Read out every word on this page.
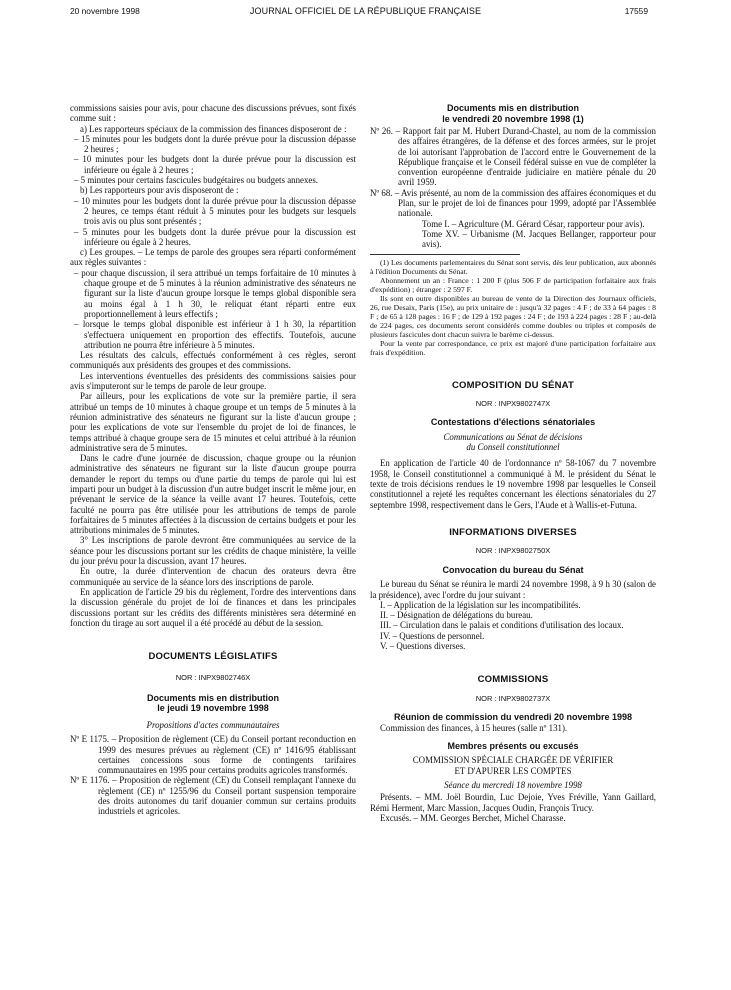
20 novembre 1998	JOURNAL OFFICIEL DE LA RÉPUBLIQUE FRANÇAISE	17559

commissions saisies pour avis, pour chacune des discussions prévues, sont fixés comme suit :

a) Les rapporteurs spéciaux de la commission des finances disposeront de :

– 15 minutes pour les budgets dont la durée prévue pour la discussion dépasse 2 heures ;

– 10 minutes pour les budgets dont la durée prévue pour la discussion est inférieure ou égale à 2 heures ;

– 5 minutes pour certains fascicules budgétaires ou budgets annexes.

b) Les rapporteurs pour avis disposeront de :

– 10 minutes pour les budgets dont la durée prévue pour la discussion dépasse 2 heures, ce temps étant réduit à 5 minutes pour les budgets sur lesquels trois avis ou plus sont présentés ;

– 5 minutes pour les budgets dont la durée prévue pour la discussion est inférieure ou égale à 2 heures.

c) Les groupes. – Le temps de parole des groupes sera réparti conformément aux règles suivantes :

– pour chaque discussion, il sera attribué un temps forfaitaire de 10 minutes à chaque groupe et de 5 minutes à la réunion administrative des sénateurs ne figurant sur la liste d'aucun groupe lorsque le temps global disponible sera au moins égal à 1 h 30, le reliquat étant réparti entre eux proportionnellement à leurs effectifs ;

– lorsque le temps global disponible est inférieur à 1 h 30, la répartition s'effectuera uniquement en proportion des effectifs. Toutefois, aucune attribution ne pourra être inférieure à 5 minutes.

Les résultats des calculs, effectués conformément à ces règles, seront communiqués aux présidents des groupes et des commissions.

Les interventions éventuelles des présidents des commissions saisies pour avis s'imputeront sur le temps de parole de leur groupe.

Par ailleurs, pour les explications de vote sur la première partie, il sera attribué un temps de 10 minutes à chaque groupe et un temps de 5 minutes à la réunion administrative des sénateurs ne figurant sur la liste d'aucun groupe ; pour les explications de vote sur l'ensemble du projet de loi de finances, le temps attribué à chaque groupe sera de 15 minutes et celui attribué à la réunion administrative sera de 5 minutes.

Dans le cadre d'une journée de discussion, chaque groupe ou la réunion administrative des sénateurs ne figurant sur la liste d'aucun groupe pourra demander le report du temps ou d'une partie du temps de parole qui lui est imparti pour un budget à la discussion d'un autre budget inscrit le même jour, en prévenant le service de la séance la veille avant 17 heures. Toutefois, cette faculté ne pourra pas être utilisée pour les attributions de temps de parole forfaitaires de 5 minutes affectées à la discussion de certains budgets et pour les attributions minimales de 5 minutes.

3° Les inscriptions de parole devront être communiquées au service de la séance pour les discussions portant sur les crédits de chaque ministère, la veille du jour prévu pour la discussion, avant 17 heures.

En outre, la durée d'intervention de chacun des orateurs devra être communiquée au service de la séance lors des inscriptions de parole.

En application de l'article 29 bis du règlement, l'ordre des interventions dans la discussion générale du projet de loi de finances et dans les principales discussions portant sur les crédits des différents ministères sera déterminé en fonction du tirage au sort auquel il a été procédé au début de la session.

DOCUMENTS LÉGISLATIFS

NOR : INPX9802746X

Documents mis en distribution

le jeudi 19 novembre 1998

Propositions d'actes communautaires

Nº E 1175. – Proposition de règlement (CE) du Conseil portant reconduction en 1999 des mesures prévues au règlement (CE) nº 1416/95 établissant certaines concessions sous forme de contingents tarifaires communautaires en 1995 pour certains produits agricoles transformés.

Nº E 1176. – Proposition de règlement (CE) du Conseil remplaçant l'annexe du règlement (CE) nº 1255/96 du Conseil portant suspension temporaire des droits autonomes du tarif douanier commun sur certains produits industriels et agricoles.

Documents mis en distribution

le vendredi 20 novembre 1998 (1)

Nº 26. – Rapport fait par M. Hubert Durand-Chastel, au nom de la commission des affaires étrangères, de la défense et des forces armées, sur le projet de loi autorisant l'approbation de l'accord entre le Gouvernement de la République française et le Conseil fédéral suisse en vue de compléter la convention européenne d'entraide judiciaire en matière pénale du 20 avril 1959.

Nº 68. – Avis présenté, au nom de la commission des affaires économiques et du Plan, sur le projet de loi de finances pour 1999, adopté par l'Assemblée nationale.

Tome I. – Agriculture (M. Gérard César, rapporteur pour avis).

Tome XV. – Urbanisme (M. Jacques Bellanger, rapporteur pour avis).

(1) Les documents parlementaires du Sénat sont servis, dès leur publication, aux abonnés à l'édition Documents du Sénat.

Abonnement un an : France : 1 200 F (plus 506 F de participation forfaitaire aux frais d'expédition) ; étranger : 2 597 F.

Ils sont en outre disponibles au bureau de vente de la Direction des Journaux officiels, 26, rue Desaix, Paris (15e), au prix unitaire de : jusqu'à 32 pages : 4 F ; de 33 à 64 pages : 8 F ; de 65 à 128 pages : 16 F ; de 129 à 192 pages : 24 F ; de 193 à 224 pages : 28 F ; au-delà de 224 pages, ces documents seront considérés comme doubles ou triples et composés de plusieurs fascicules dont chacun suivra le barème ci-dessus.

Pour la vente par correspondance, ce prix est majoré d'une participation forfaitaire aux frais d'expédition.

COMPOSITION DU SÉNAT

NOR : INPX9802747X

Contestations d'élections sénatoriales

Communications au Sénat de décisions

du Conseil constitutionnel

En application de l'article 40 de l'ordonnance nº 58-1067 du 7 novembre 1958, le Conseil constitutionnel a communiqué à M. le président du Sénat le texte de trois décisions rendues le 19 novembre 1998 par lesquelles le Conseil constitutionnel a rejeté les requêtes concernant les élections sénatoriales du 27 septembre 1998, respectivement dans le Gers, l'Aude et à Wallis-et-Futuna.

INFORMATIONS DIVERSES

NOR : INPX9802750X

Convocation du bureau du Sénat

Le bureau du Sénat se réunira le mardi 24 novembre 1998, à 9 h 30 (salon de la présidence), avec l'ordre du jour suivant :

I. – Application de la législation sur les incompatibilités.

II. – Désignation de délégations du bureau.

III. – Circulation dans le palais et conditions d'utilisation des locaux.

IV. – Questions de personnel.

V. – Questions diverses.

COMMISSIONS

NOR : INPX9802737X

Réunion de commission du vendredi 20 novembre 1998

Commission des finances, à 15 heures (salle nº 131).

Membres présents ou excusés

COMMISSION SPÉCIALE CHARGÉE DE VÉRIFIER

ET D'APURER LES COMPTES

Séance du mercredi 18 novembre 1998

Présents. – MM. Joël Bourdin, Luc Dejoie, Yves Fréville, Yann Gaillard, Rémi Herment, Marc Massion, Jacques Oudin, François Trucy.

Excusés. – MM. Georges Berchet, Michel Charasse.
